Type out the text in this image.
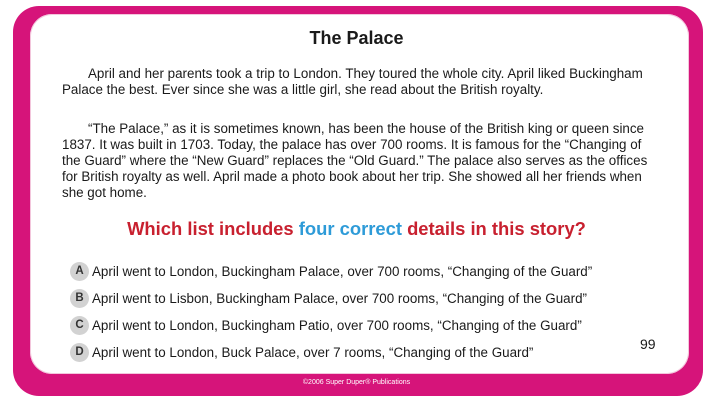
The Palace

April and her parents took a trip to London. They toured the whole city. April liked Buckingham Palace the best. Ever since she was a little girl, she read about the British royalty.

“The Palace,” as it is sometimes known, has been the house of the British king or queen since 1837. It was built in 1703. Today, the palace has over 700 rooms. It is famous for the “Changing of the Guard” where the “New Guard” replaces the “Old Guard.” The palace also serves as the offices for British royalty as well. April made a photo book about her trip. She showed all her friends when she got home.

Which list includes four correct details in this story?

A April went to London, Buckingham Palace, over 700 rooms, “Changing of the Guard”
B April went to Lisbon, Buckingham Palace, over 700 rooms, “Changing of the Guard”
C April went to London, Buckingham Patio, over 700 rooms, “Changing of the Guard”
D April went to London, Buck Palace, over 7 rooms, “Changing of the Guard”	99
©2006 Super Duper® Publications
